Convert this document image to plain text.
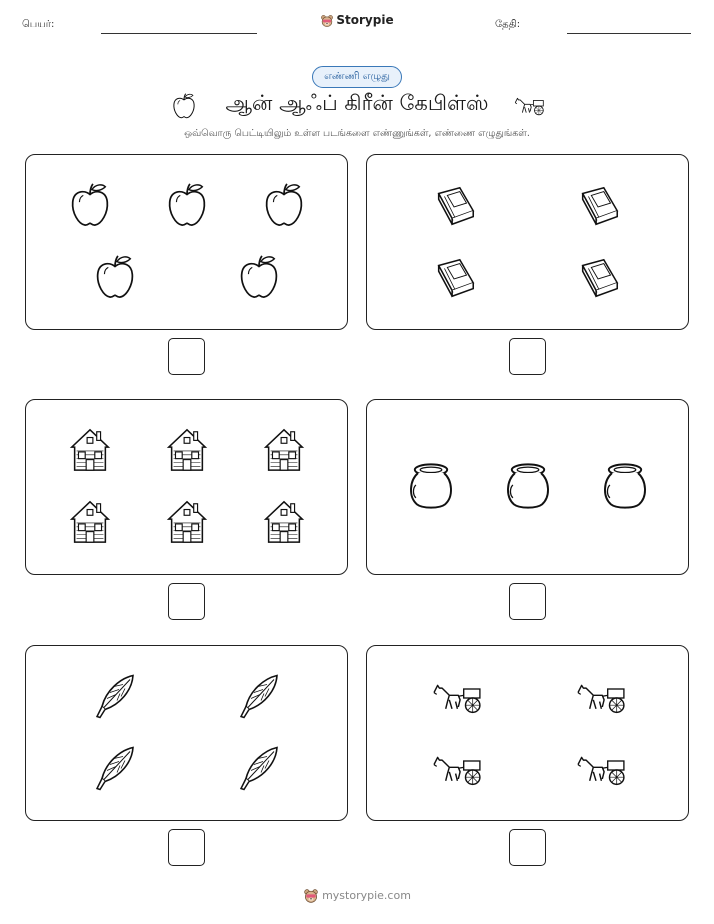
பெயர்:	Storypie	தேதி:
எண்ணி எழுது
ஆன் ஆஃப் கிரீன் கேபிள்ஸ்
ஒவ்வொரு பெட்டியிலும் உள்ள படங்களை எண்ணுங்கள், எண்ணை எழுதுங்கள்.
mystorypie.com
